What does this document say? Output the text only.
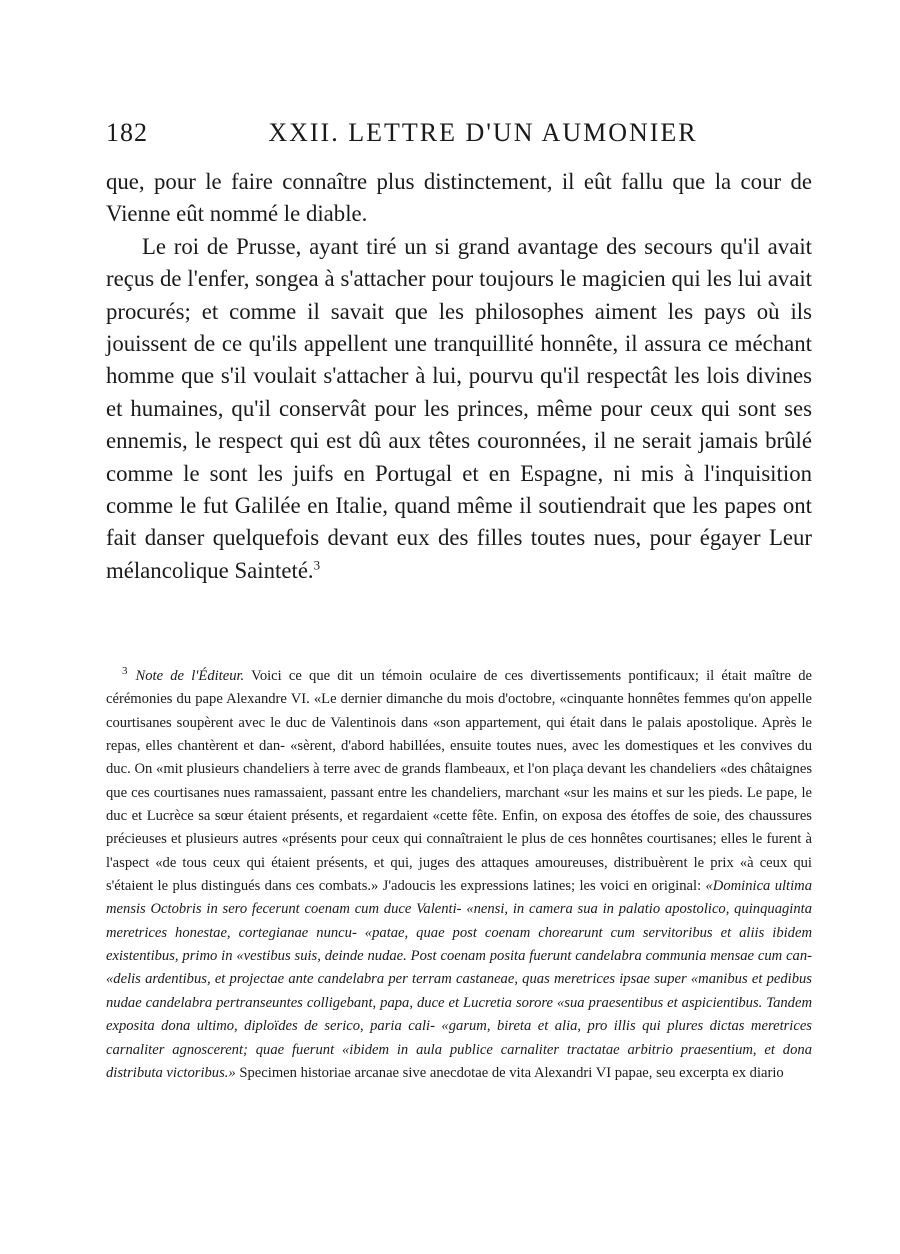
182	XXII. LETTRE D'UN AUMONIER

que, pour le faire connaître plus distinctement, il eût fallu que la cour de Vienne eût nommé le diable.

Le roi de Prusse, ayant tiré un si grand avantage des secours qu'il avait reçus de l'enfer, songea à s'attacher pour toujours le magicien qui les lui avait procurés; et comme il savait que les philosophes aiment les pays où ils jouissent de ce qu'ils appellent une tranquillité honnête, il assura ce méchant homme que s'il voulait s'attacher à lui, pourvu qu'il respectât les lois divines et humaines, qu'il conservât pour les princes, même pour ceux qui sont ses ennemis, le respect qui est dû aux têtes couronnées, il ne serait jamais brûlé comme le sont les juifs en Portugal et en Espagne, ni mis à l'inquisition comme le fut Galilée en Italie, quand même il soutiendrait que les papes ont fait danser quelquefois devant eux des filles toutes nues, pour égayer Leur mélancolique Sainteté.$^3$

$^3$ Note de l'Éditeur. Voici ce que dit un témoin oculaire de ces divertissements pontificaux; il était maître de cérémonies du pape Alexandre VI. «Le dernier dimanche du mois d'octobre, «cinquante honnêtes femmes qu'on appelle courtisanes soupèrent avec le duc de Valentinois dans «son appartement, qui était dans le palais apostolique. Après le repas, elles chantèrent et dan- «sèrent, d'abord habillées, ensuite toutes nues, avec les domestiques et les convives du duc. On «mit plusieurs chandeliers à terre avec de grands flambeaux, et l'on plaça devant les chandeliers «des châtaignes que ces courtisanes nues ramassaient, passant entre les chandeliers, marchant «sur les mains et sur les pieds. Le pape, le duc et Lucrèce sa sœur étaient présents, et regardaient «cette fête. Enfin, on exposa des étoffes de soie, des chaussures précieuses et plusieurs autres «présents pour ceux qui connaîtraient le plus de ces honnêtes courtisanes; elles le furent à l'aspect «de tous ceux qui étaient présents, et qui, juges des attaques amoureuses, distribuèrent le prix «à ceux qui s'étaient le plus distingués dans ces combats.» J'adoucis les expressions latines; les voici en original: «Dominica ultima mensis Octobris in sero fecerunt coenam cum duce Valenti- «nensi, in camera sua in palatio apostolico, quinquaginta meretrices honestae, cortegianae nuncu- «patae, quae post coenam chorearunt cum servitoribus et aliis ibidem existentibus, primo in «vestibus suis, deinde nudae. Post coenam posita fuerunt candelabra communia mensae cum can- «delis ardentibus, et projectae ante candelabra per terram castaneae, quas meretrices ipsae super «manibus et pedibus nudae candelabra pertranseuntes colligebant, papa, duce et Lucretia sorore «sua praesentibus et aspicientibus. Tandem exposita dona ultimo, diploïdes de serico, paria cali- «garum, bireta et alia, pro illis qui plures dictas meretrices carnaliter agnoscerent; quae fuerunt «ibidem in aula publice carnaliter tractatae arbitrio praesentium, et dona distributa victoribus.» Specimen historiae arcanae sive anecdotae de vita Alexandri VI papae, seu excerpta ex diario
